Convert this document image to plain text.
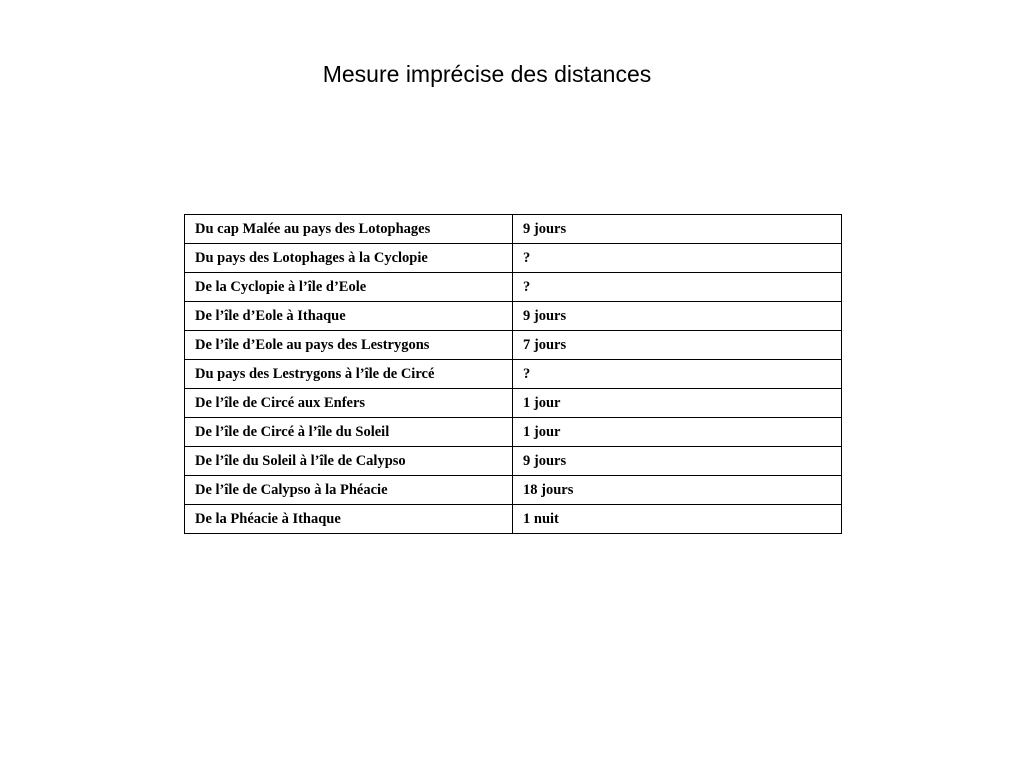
Mesure imprécise des distances
Du cap Malée au pays des Lotophages	9 jours
Du pays des Lotophages à la Cyclopie	?
De la Cyclopie à l’île d’Eole	?
De l’île d’Eole à Ithaque	9 jours
De l’île d’Eole au pays des Lestrygons	7 jours
Du pays des Lestrygons à l’île de Circé	?
De l’île de Circé aux Enfers	1 jour
De l’île de Circé à l’île du Soleil	1 jour
De l’île du Soleil à l’île de Calypso	9 jours
De l’île de Calypso à la Phéacie	18 jours
De la Phéacie à Ithaque	1 nuit
